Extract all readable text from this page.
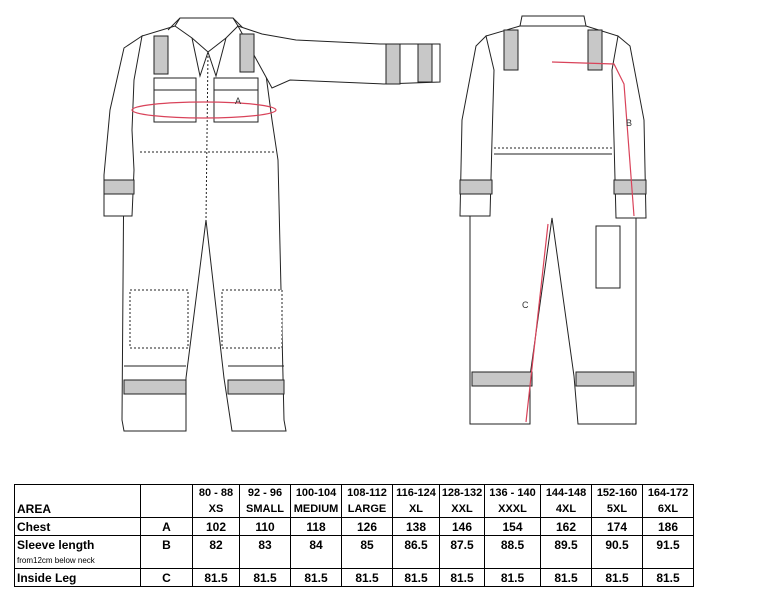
A
B
C
		80 - 88	92 - 96	100-104	108-112	116-124	128-132	136 - 140	144-148	152-160	164-172
AREA		XS	SMALL	MEDIUM	LARGE	XL	XXL	XXXL	4XL	5XL	6XL
Chest	A	102	110	118	126	138	146	154	162	174	186
Sleeve length	B	82	83	84	85	86.5	87.5	88.5	89.5	90.5	91.5
from12cm below neck											
Inside Leg	C	81.5	81.5	81.5	81.5	81.5	81.5	81.5	81.5	81.5	81.5
